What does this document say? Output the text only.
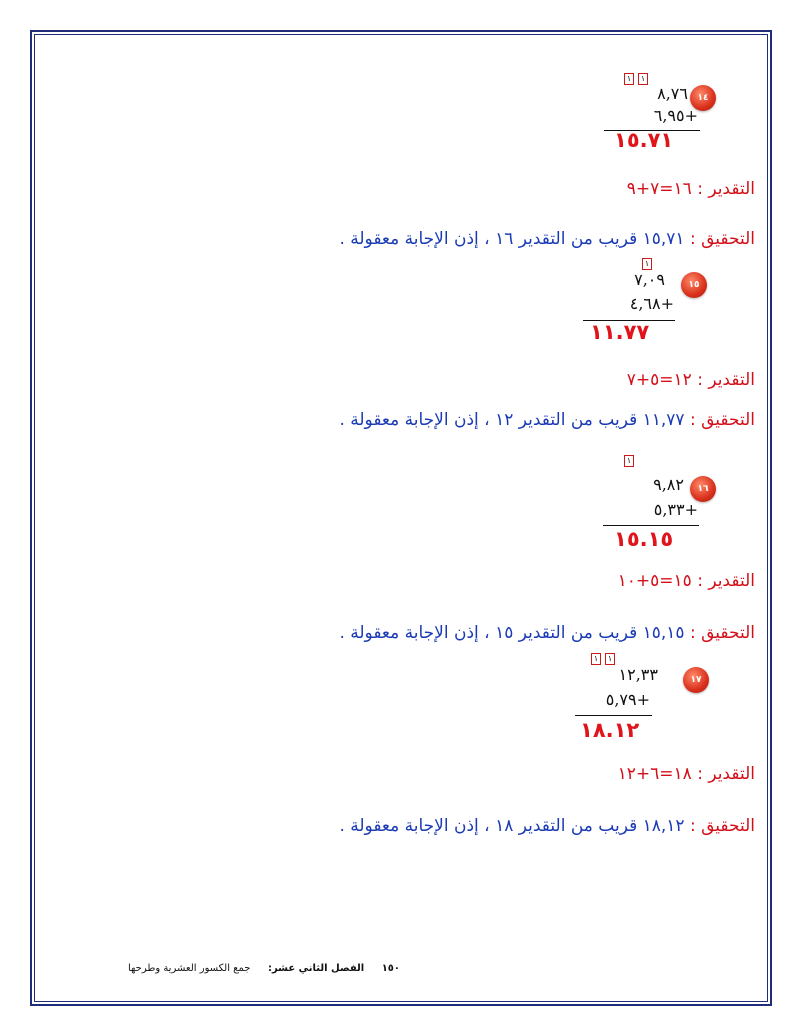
١٤
١ ١
٨,٧٦
٦,٩٥+
١٥.٧١
التقدير : ١٦=٧+٩
التحقيق : ١٥,٧١ قريب من التقدير ١٦ ، إذن الإجابة معقولة .
١٥
١
٧,٠٩
٤,٦٨+
١١.٧٧
التقدير : ١٢=٥+٧
التحقيق : ١١,٧٧ قريب من التقدير ١٢ ، إذن الإجابة معقولة .
١٦
١
٩,٨٢
٥,٣٣+
١٥.١٥
التقدير : ١٥=٥+١٠
التحقيق : ١٥,١٥ قريب من التقدير ١٥ ، إذن الإجابة معقولة .
١٧
١ ١
١٢,٣٣
٥,٧٩+
١٨.١٢
التقدير : ١٨=٦+١٢
التحقيق : ١٨,١٢ قريب من التقدير ١٨ ، إذن الإجابة معقولة .
١٥٠ الفصل الثاني عشر: جمع الكسور العشرية وطرحها
